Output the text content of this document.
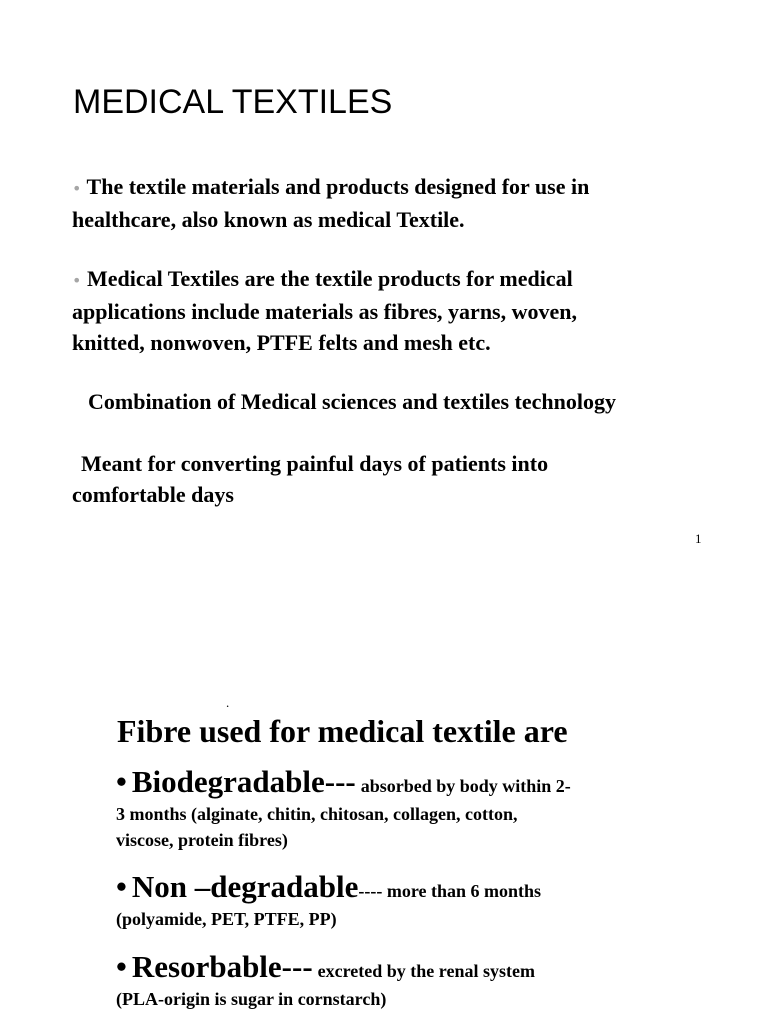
MEDICAL TEXTILES

• The textile materials and products designed for use in
healthcare, also known as medical Textile.

• Medical Textiles are the textile products for medical
applications include materials as fibres, yarns, woven,
knitted, nonwoven, PTFE felts and mesh etc.

Combination of Medical sciences and textiles technology

Meant for converting painful days of patients into
comfortable days

1
.
Fibre used for medical textile are
• Biodegradable--- absorbed by body within 2-
3 months (alginate, chitin, chitosan, collagen, cotton,
viscose, protein fibres)
• Non –degradable---- more than 6 months
(polyamide, PET, PTFE, PP)
• Resorbable--- excreted by the renal system
(PLA-origin is sugar in cornstarch)
